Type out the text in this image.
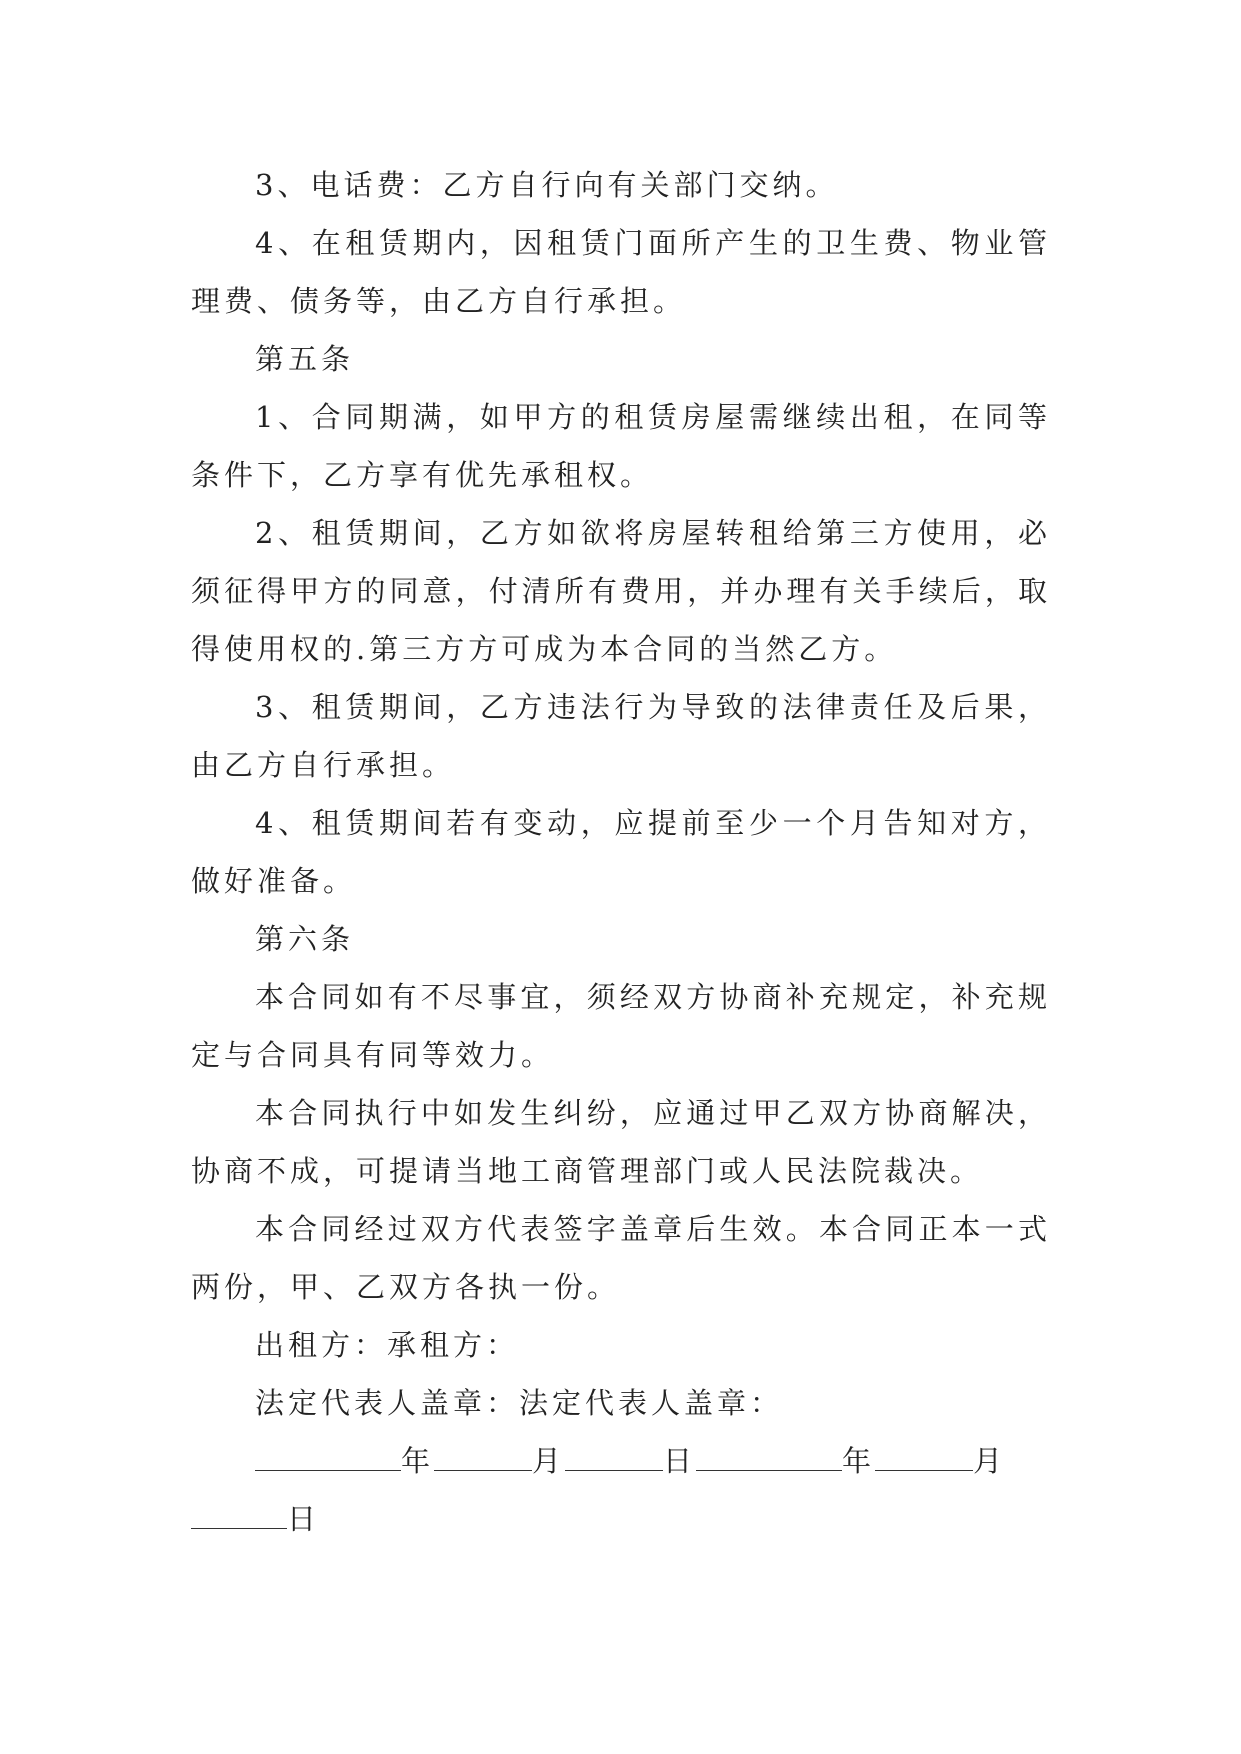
3、电话费：乙方自行向有关部门交纳。

4、在租赁期内，因租赁门面所产生的卫生费、物业管理费、债务等，由乙方自行承担。

第五条

1、合同期满，如甲方的租赁房屋需继续出租，在同等条件下，乙方享有优先承租权。

2、租赁期间，乙方如欲将房屋转租给第三方使用，必须征得甲方的同意，付清所有费用，并办理有关手续后，取得使用权的.第三方方可成为本合同的当然乙方。

3、租赁期间，乙方违法行为导致的法律责任及后果，由乙方自行承担。

4、租赁期间若有变动，应提前至少一个月告知对方，做好准备。

第六条

本合同如有不尽事宜，须经双方协商补充规定，补充规定与合同具有同等效力。

本合同执行中如发生纠纷，应通过甲乙双方协商解决，协商不成，可提请当地工商管理部门或人民法院裁决。

本合同经过双方代表签字盖章后生效。本合同正本一式两份，甲、乙双方各执一份。

出租方：承租方：

法定代表人盖章：法定代表人盖章：

年	月	日	年	月

日
